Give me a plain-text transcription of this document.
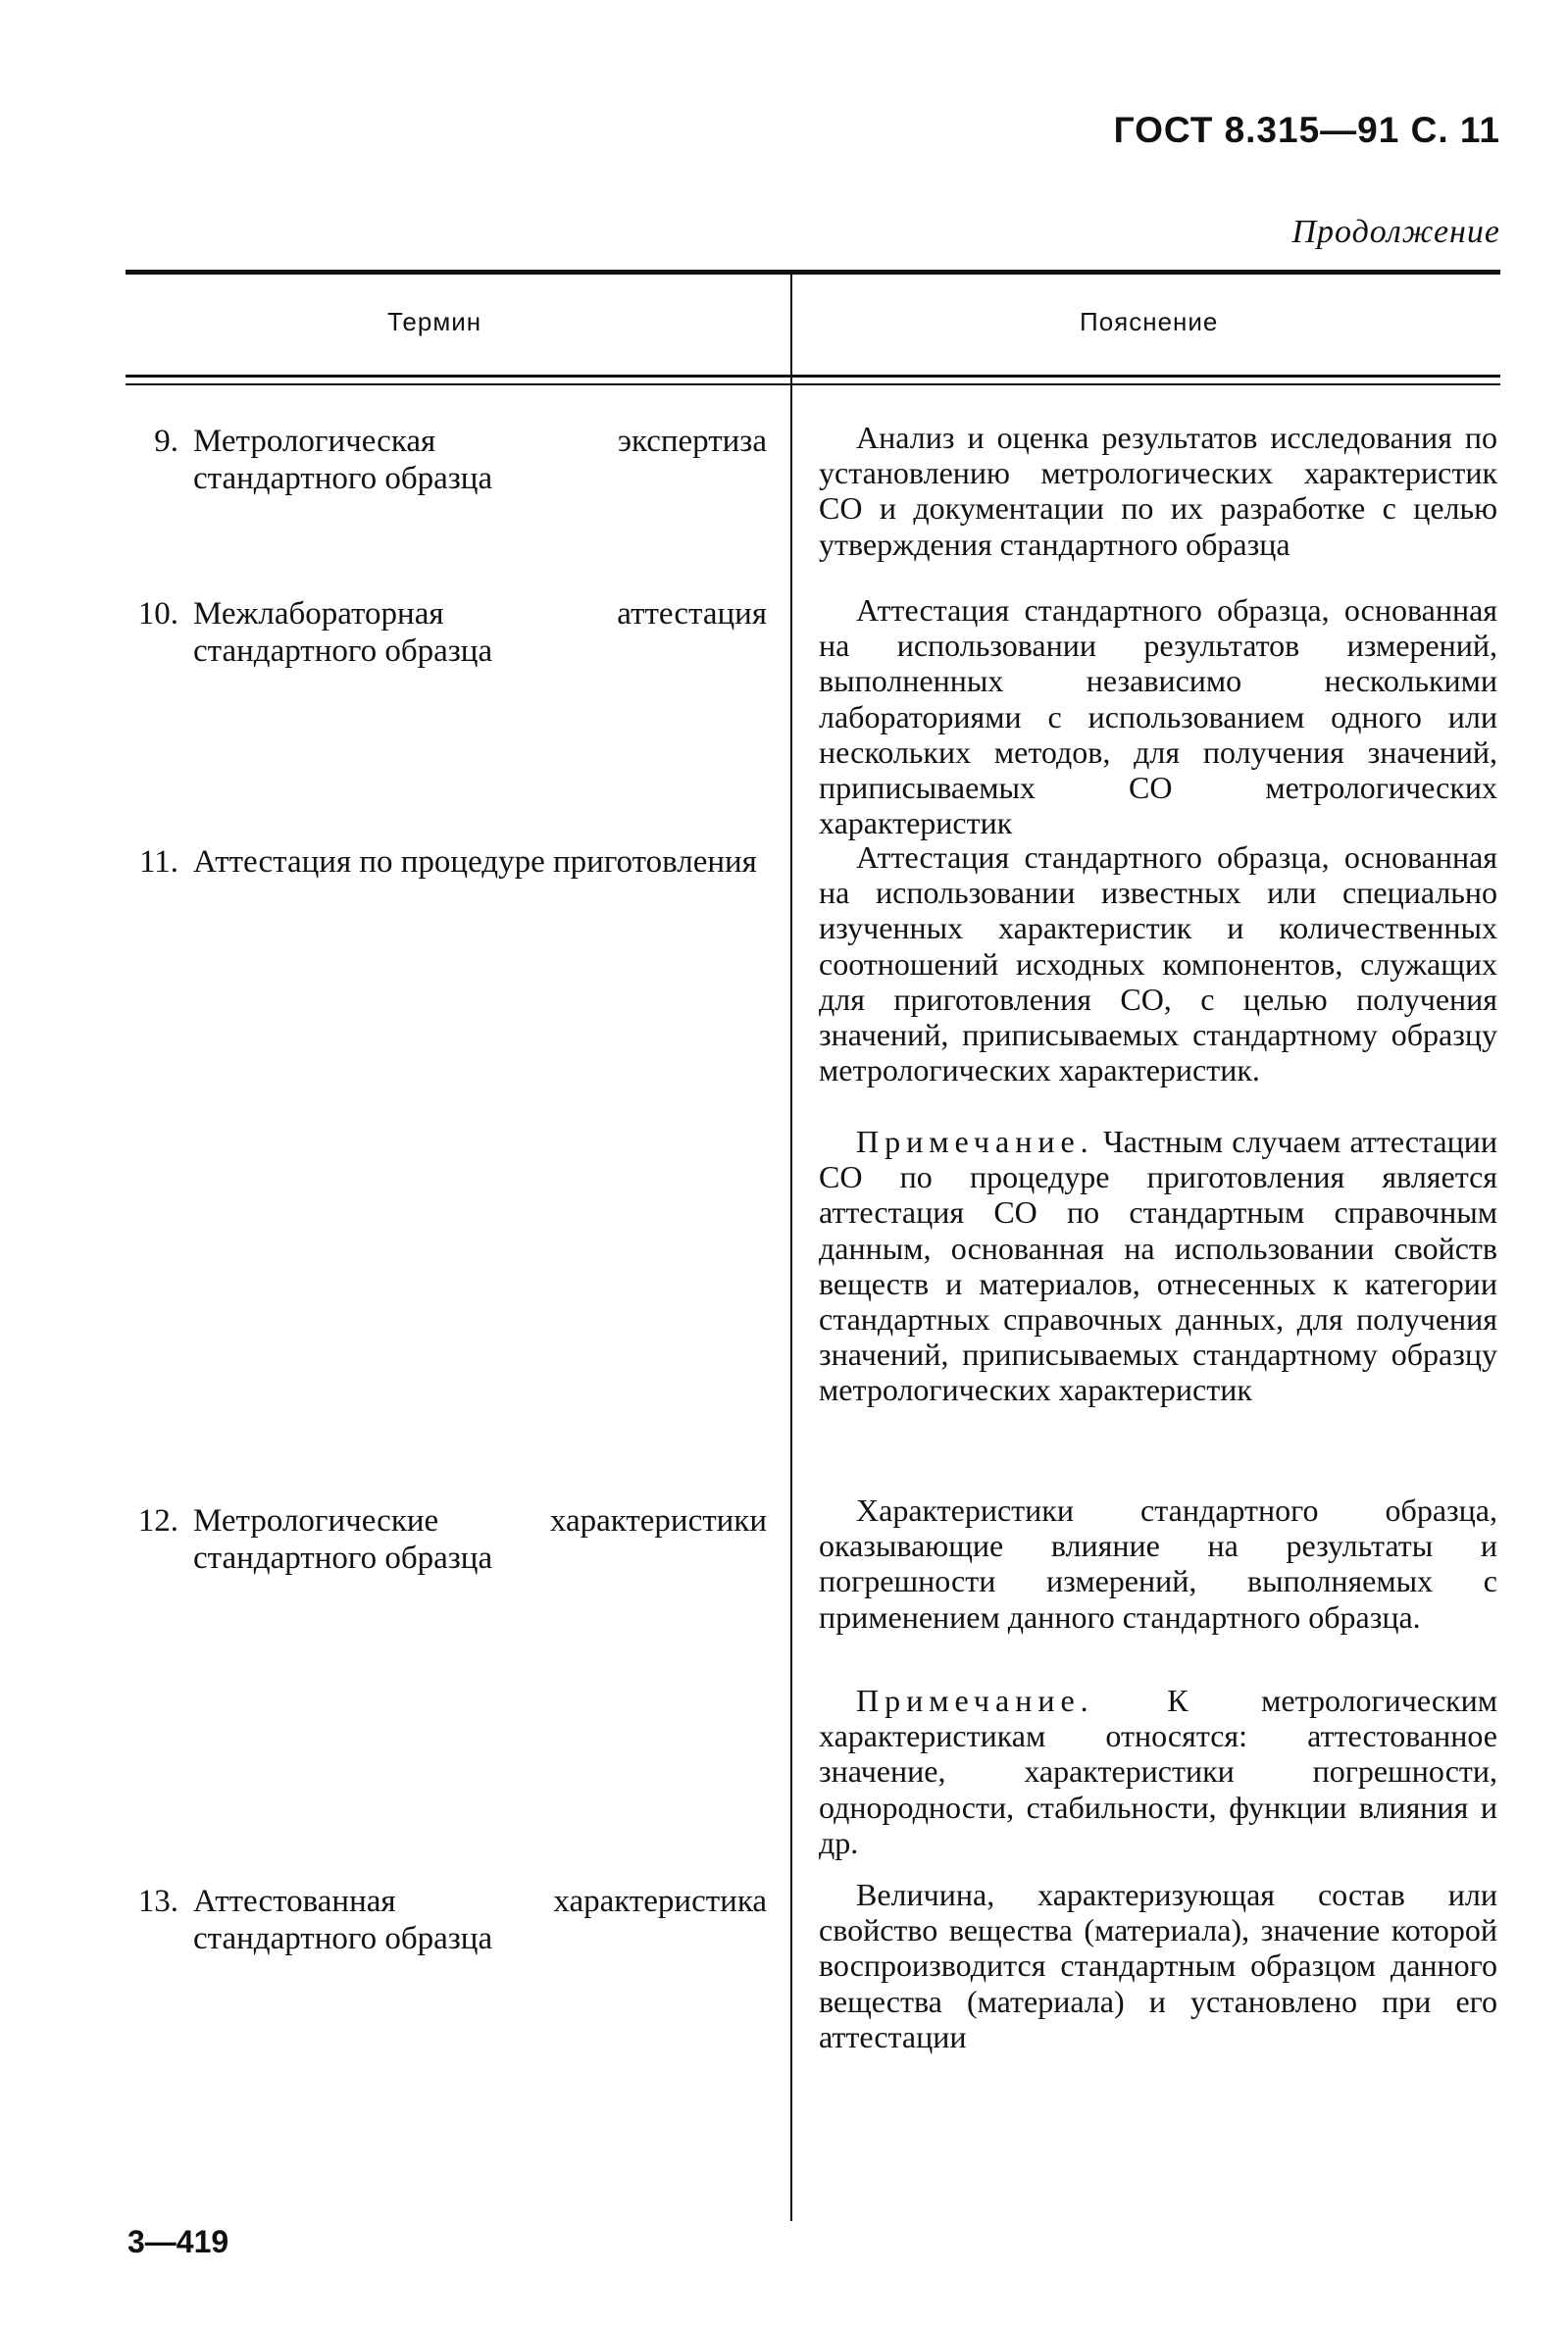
ГОСТ 8.315—91 С. 11
Продолжение
Термин	Пояснение
9. Метрологическая экспертиза стандартного образца
Анализ и оценка результатов исследования по установлению метрологических характеристик СО и документации по их разработке с целью утверждения стандартного образца
10. Межлабораторная аттестация стандартного образца
Аттестация стандартного образца, основанная на использовании результатов измерений, выполненных независимо несколькими лабораториями с использованием одного или нескольких методов, для получения значений, приписываемых СО метрологических характеристик
11. Аттестация по процедуре приготовления	Аттестация стандартного образца, основанная на использовании известных или специально изученных характеристик и количественных соотношений исходных компонентов, служащих для приготовления СО, с целью получения значений, приписываемых стандартному образцу метрологических характеристик.
Примечание. Частным случаем аттестации СО по процедуре приготовления является аттестация СО по стандартным справочным данным, основанная на использовании свойств веществ и материалов, отнесенных к категории стандартных справочных данных, для получения значений, приписываемых стандартному образцу метрологических характеристик
12. Метрологические характеристики стандартного образца
Характеристики стандартного образца, оказывающие влияние на результаты и погрешности измерений, выполняемых с применением данного стандартного образца.
Примечание. К метрологическим характеристикам относятся: аттестованное значение, характеристики погрешности, однородности, стабильности, функции влияния и др.
13. Аттестованная характеристика стандартного образца
Величина, характеризующая состав или свойство вещества (материала), значение которой воспроизводится стандартным образцом данного вещества (материала) и установлено при его аттестации
3—419
